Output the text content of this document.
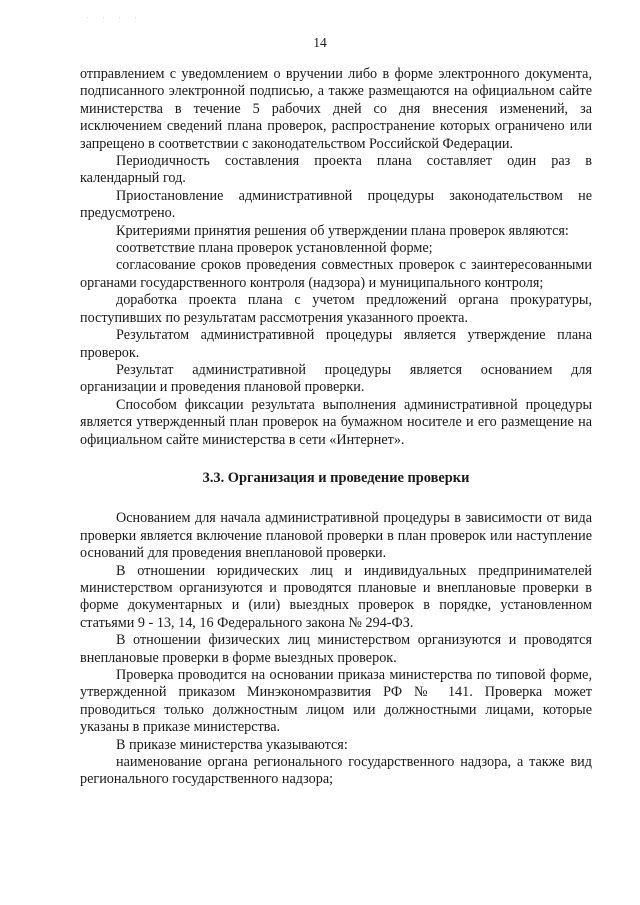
· · · ·
14

отправлением с уведомлением о вручении либо в форме электронного документа, подписанного электронной подписью, а также размещаются на официальном сайте министерства в течение 5 рабочих дней со дня внесения изменений, за исключением сведений плана проверок, распространение которых ограничено или запрещено в соответствии с законодательством Российской Федерации.

Периодичность составления проекта плана составляет один раз в календарный год.

Приостановление административной процедуры законодательством не предусмотрено.

Критериями принятия решения об утверждении плана проверок являются:

соответствие плана проверок установленной форме;

согласование сроков проведения совместных проверок с заинтересованными органами государственного контроля (надзора) и муниципального контроля;

доработка проекта плана с учетом предложений органа прокуратуры, поступивших по результатам рассмотрения указанного проекта.

Результатом административной процедуры является утверждение плана проверок.

Результат административной процедуры является основанием для организации и проведения плановой проверки.

Способом фиксации результата выполнения административной процедуры является утвержденный план проверок на бумажном носителе и его размещение на официальном сайте министерства в сети «Интернет».

3.3. Организация и проведение проверки

Основанием для начала административной процедуры в зависимости от вида проверки является включение плановой проверки в план проверок или наступление оснований для проведения внеплановой проверки.

В отношении юридических лиц и индивидуальных предпринимателей министерством организуются и проводятся плановые и внеплановые проверки в форме документарных и (или) выездных проверок в порядке, установленном статьями 9 - 13, 14, 16 Федерального закона № 294-ФЗ.

В отношении физических лиц министерством организуются и проводятся внеплановые проверки в форме выездных проверок.

Проверка проводится на основании приказа министерства по типовой форме, утвержденной приказом Минэкономразвития РФ № 141. Проверка может проводиться только должностным лицом или должностными лицами, которые указаны в приказе министерства.

В приказе министерства указываются:

наименование органа регионального государственного надзора, а также вид регионального государственного надзора;
